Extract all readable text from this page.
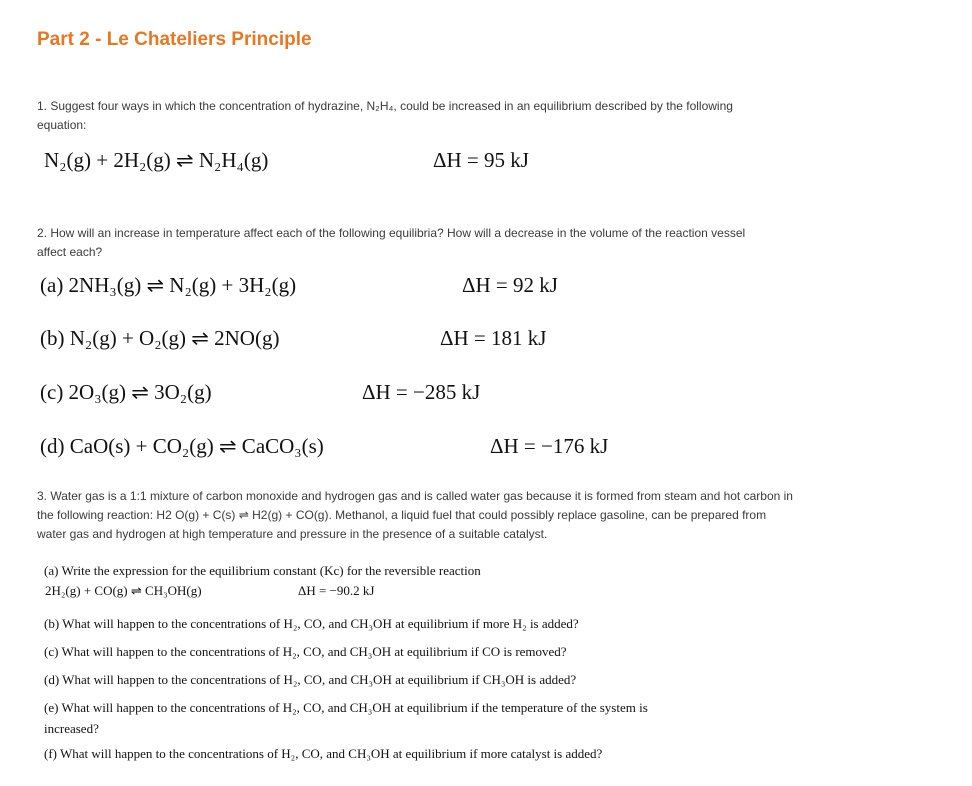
Part 2 - Le Chateliers Principle
1. Suggest four ways in which the concentration of hydrazine, N₂H₄, could be increased in an equilibrium described by the following equation:
N₂(g) + 2H₂(g) ⇌ N₂H₄(g)	ΔH = 95 kJ
2. How will an increase in temperature affect each of the following equilibria? How will a decrease in the volume of the reaction vessel affect each?
(a) 2NH₃(g) ⇌ N₂(g) + 3H₂(g)	ΔH = 92 kJ
(b) N₂(g) + O₂(g) ⇌ 2NO(g)	ΔH = 181 kJ
(c) 2O₃(g) ⇌ 3O₂(g)	ΔH = −285 kJ
(d) CaO(s) + CO₂(g) ⇌ CaCO₃(s)	ΔH = −176 kJ
3. Water gas is a 1:1 mixture of carbon monoxide and hydrogen gas and is called water gas because it is formed from steam and hot carbon in the following reaction: H2 O(g) + C(s) ⇌ H2(g) + CO(g). Methanol, a liquid fuel that could possibly replace gasoline, can be prepared from water gas and hydrogen at high temperature and pressure in the presence of a suitable catalyst.
(a) Write the expression for the equilibrium constant (Kc) for the reversible reaction
2H₂(g) + CO(g) ⇌ CH₃OH(g)	ΔH = −90.2 kJ
(b) What will happen to the concentrations of H₂, CO, and CH₃OH at equilibrium if more H₂ is added?
(c) What will happen to the concentrations of H₂, CO, and CH₃OH at equilibrium if CO is removed?
(d) What will happen to the concentrations of H₂, CO, and CH₃OH at equilibrium if CH₃OH is added?
(e) What will happen to the concentrations of H₂, CO, and CH₃OH at equilibrium if the temperature of the system is
increased?
(f) What will happen to the concentrations of H₂, CO, and CH₃OH at equilibrium if more catalyst is added?
